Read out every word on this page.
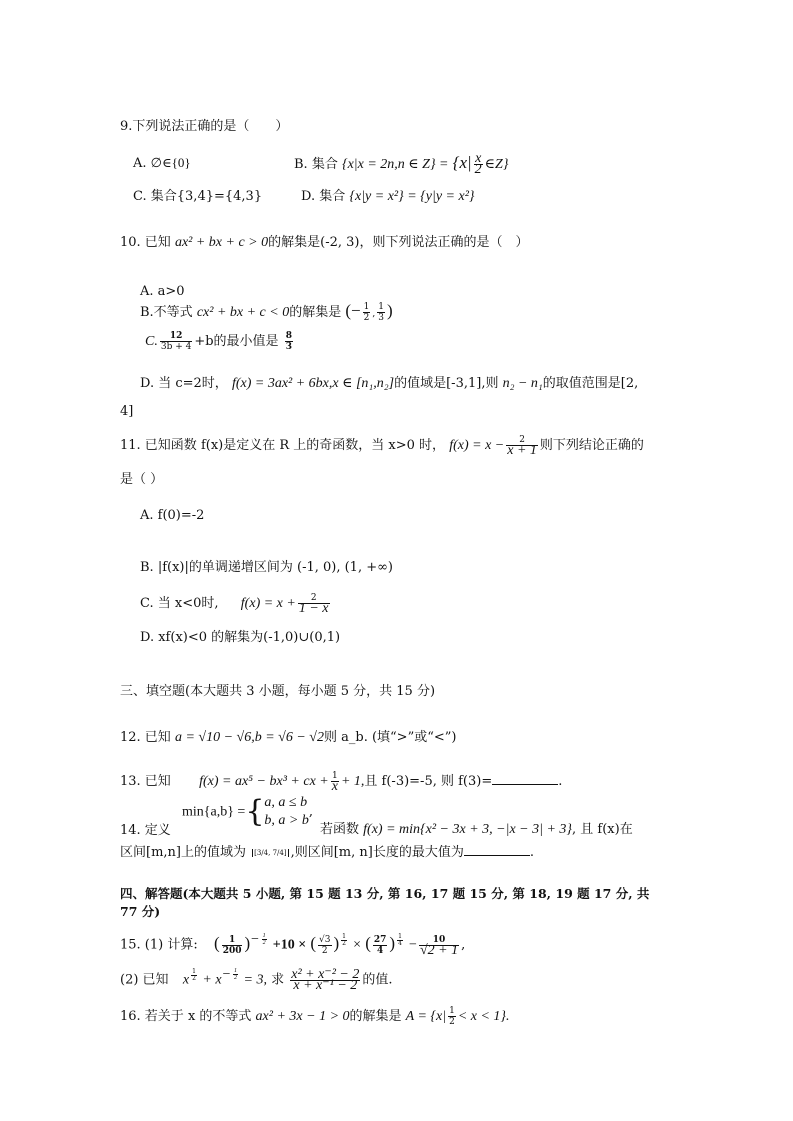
9.下列说法正确的是（　　）
A. ∅∈{0}	B. 集合 {x|x = 2n,n ∈ $Z\} = \{x| \frac{x}{2}$ ∈Z}
C. 集合{3,4}={4,3}	D. 集合 {x|y = x²} = {y|y = x²}
10. 已知 ax² + bx + c > 0的解集是(-2, 3)，则下列说法正确的是（　）
A. a>0
B.不等式 cx² + bx + c < 0的解集是 (− $\frac{1}{2}$ , $\frac{1}{3}$ )
C. $\frac{12}{3b + 4} +b$的最小值是 $\frac{8}{3}$
D. 当 c=2时， f(x) = 3ax² + 6bx,x ∈ [n₁,n₂]的值域是[-3,1],则 n₂ − n₁的取值范围是[2,
4]
11. 已知函数 f(x)是定义在 R 上的奇函数，当 x>0 时， $f(x) = x - \frac{2}{x + 1}$ 则下列结论正确的
是（ ）
A. f(0)=-2
B. |f(x)|的单调递增区间为 (-1, 0), (1, +∞)
C. 当 x<0时, $f(x) = x + \frac{2}{1 - x}$
D. xf(x)<0 的解集为(-1,0)∪(0,1)
三、填空题(本大题共 3 小题，每小题 5 分，共 15 分)
12. 已知 a = √10 − √6,b = √6 − √2则 a_b. (填“>”或“<”)
13. 已知 f(x) = ax⁵ − bx³ + cx + $\frac{1}{x} + 1$,且 f(-3)=-5, 则 f(3)=	.
min{a,b} ={ a, a ≤ b
b, a > b
,
14. 定义	若函数 f(x) = min{x² − 3x + 3, −|x − 3| + 3}, 且 f(x)在
区间[m,n]上的值域为 [3/4, 7/4] ,则区间[m, n]长度的最大值为	.
四、解答题(本大题共 5 小题, 第 15 题 13 分, 第 16, 17 题 15 分, 第 18, 19 题 17 分, 共
77 分)
15. (1) 计算: ( $\frac{1}{200} )^{- \frac{1}{2}} +10$ × ( $\frac{√3}{2}$ ) $^{\frac{1}{2}}$ × ( $\frac{27}{4}$ ) $^{\frac{1}{4}} - \frac{10}{√2 + 1}$ ,
(2) 已知 x $^{\frac{1}{2}} + x^{- \frac{1}{2}} = 3$, 求 $\frac{\text{x² + x⁻² − 2}}{\text{x + x⁻¹ − 2}}$ 的值.
16. 若关于 x 的不等式 ax² + 3x − 1 > 0的解集是 $A = \{x| \frac{1}{2} < x < 1\}$.
